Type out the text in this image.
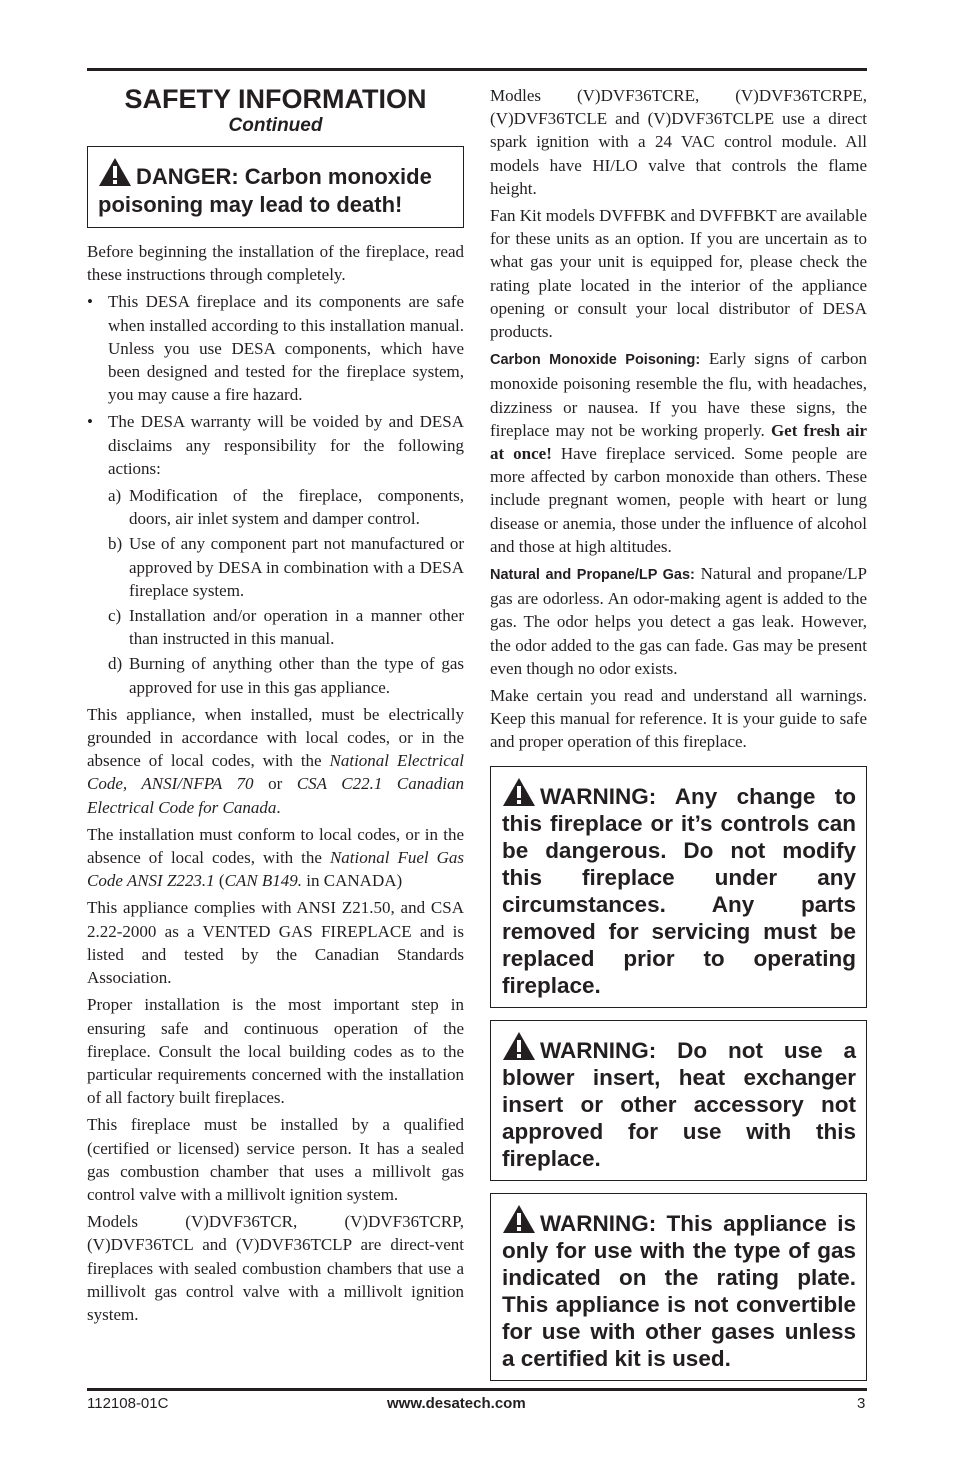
SAFETY INFORMATION
Continued
DANGER: Carbon monoxide poisoning may lead to death!

Before beginning the installation of the fireplace, read these instructions through completely.

• This DESA fireplace and its components are safe when installed according to this installation manual. Unless you use DESA components, which have been designed and tested for the fireplace system, you may cause a fire hazard.
• The DESA warranty will be voided by and DESA disclaims any responsibility for the following actions:
a) Modification of the fireplace, components, doors, air inlet system and damper control.
b) Use of any component part not manufactured or approved by DESA in combination with a DESA fireplace system.
c) Installation and/or operation in a manner other than instructed in this manual.
d) Burning of anything other than the type of gas approved for use in this gas appliance.

This appliance, when installed, must be electrically grounded in accordance with local codes, or in the absence of local codes, with the National Electrical Code, ANSI/NFPA 70 or CSA C22.1 Canadian Electrical Code for Canada.

The installation must conform to local codes, or in the absence of local codes, with the National Fuel Gas Code ANSI Z223.1 (CAN B149. in CANADA)

This appliance complies with ANSI Z21.50, and CSA 2.22-2000 as a VENTED GAS FIREPLACE and is listed and tested by the Canadian Standards Association.

Proper installation is the most important step in ensuring safe and continuous operation of the fireplace. Consult the local building codes as to the particular requirements concerned with the installation of all factory built fireplaces.

This fireplace must be installed by a qualified (certified or licensed) service person. It has a sealed gas combustion chamber that uses a millivolt gas control valve with a millivolt ignition system.

Models (V)DVF36TCR, (V)DVF36TCRP, (V)DVF36TCL and (V)DVF36TCLP are direct-vent fireplaces with sealed combustion chambers that use a millivolt gas control valve with a millivolt ignition system.

Modles (V)DVF36TCRE, (V)DVF36TCRPE, (V)DVF36TCLE and (V)DVF36TCLPE use a direct spark ignition with a 24 VAC control module. All models have HI/LO valve that controls the flame height.

Fan Kit models DVFFBK and DVFFBKT are available for these units as an option. If you are uncertain as to what gas your unit is equipped for, please check the rating plate located in the interior of the appliance opening or consult your local distributor of DESA products.

Carbon Monoxide Poisoning: Early signs of carbon monoxide poisoning resemble the flu, with headaches, dizziness or nausea. If you have these signs, the fireplace may not be working properly. Get fresh air at once! Have fireplace serviced. Some people are more affected by carbon monoxide than others. These include pregnant women, people with heart or lung disease or anemia, those under the influence of alcohol and those at high altitudes.

Natural and Propane/LP Gas: Natural and propane/LP gas are odorless. An odor-making agent is added to the gas. The odor helps you detect a gas leak. However, the odor added to the gas can fade. Gas may be present even though no odor exists.

Make certain you read and understand all warnings. Keep this manual for reference. It is your guide to safe and proper operation of this fireplace.

WARNING: Any change to this fireplace or it’s controls can be dangerous. Do not modify this fireplace under any circumstances. Any parts removed for servicing must be replaced prior to operating fireplace.
WARNING: Do not use a blower insert, heat exchanger insert or other accessory not approved for use with this fireplace.
WARNING: This appliance is only for use with the type of gas indicated on the rating plate. This appliance is not convertible for use with other gases unless a certified kit is used.
112108-01C	www.desatech.com	3
